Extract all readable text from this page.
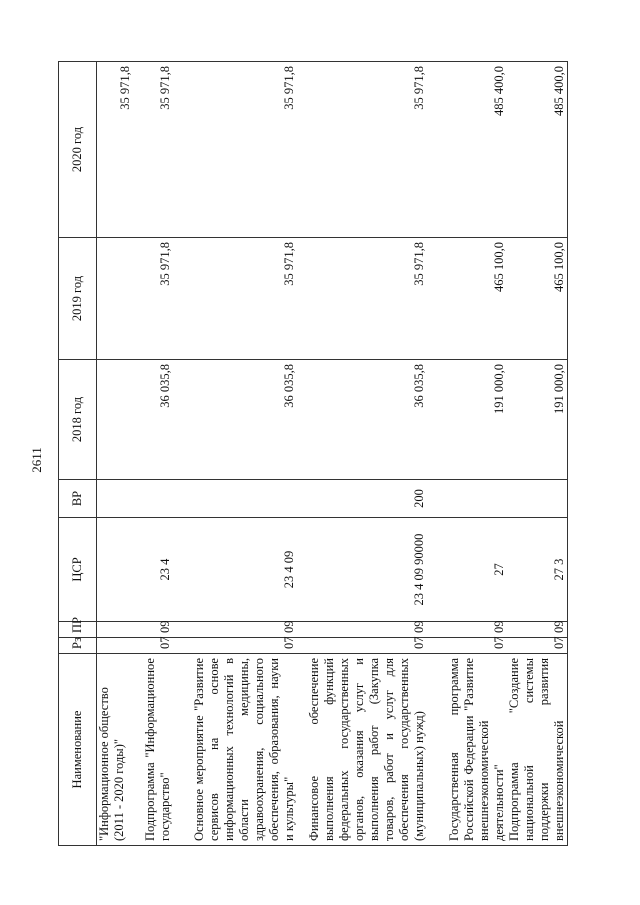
2611
Наименование	Рз	ПР	ЦСР	ВР	2018 год	2019 год	2020 год
"Информационное общество (2011 - 2020 годы)"							35 971,8
Подпрограмма "Информационное государство"	07	09	23 4		36 035,8	35 971,8	35 971,8
Основное мероприятие "Развитие сервисов на основе информационных технологий в области медицины, здравоохранения, социального обеспечения, образования, науки и культуры"	07	09	23 4 09		36 035,8	35 971,8	35 971,8
Финансовое обеспечение выполнения функций федеральных государственных органов, оказания услуг и выполнения работ (Закупка товаров, работ и услуг для обеспечения государственных (муниципальных) нужд)	07	09	23 4 09 90000	200	36 035,8	35 971,8	35 971,8
Государственная программа Российской Федерации "Развитие внешнеэкономической деятельности"	07	09	27		191 000,0	465 100,0	485 400,0
Подпрограмма "Создание национальной системы поддержки развития внешнеэкономической	07	09	27 3		191 000,0	465 100,0	485 400,0
